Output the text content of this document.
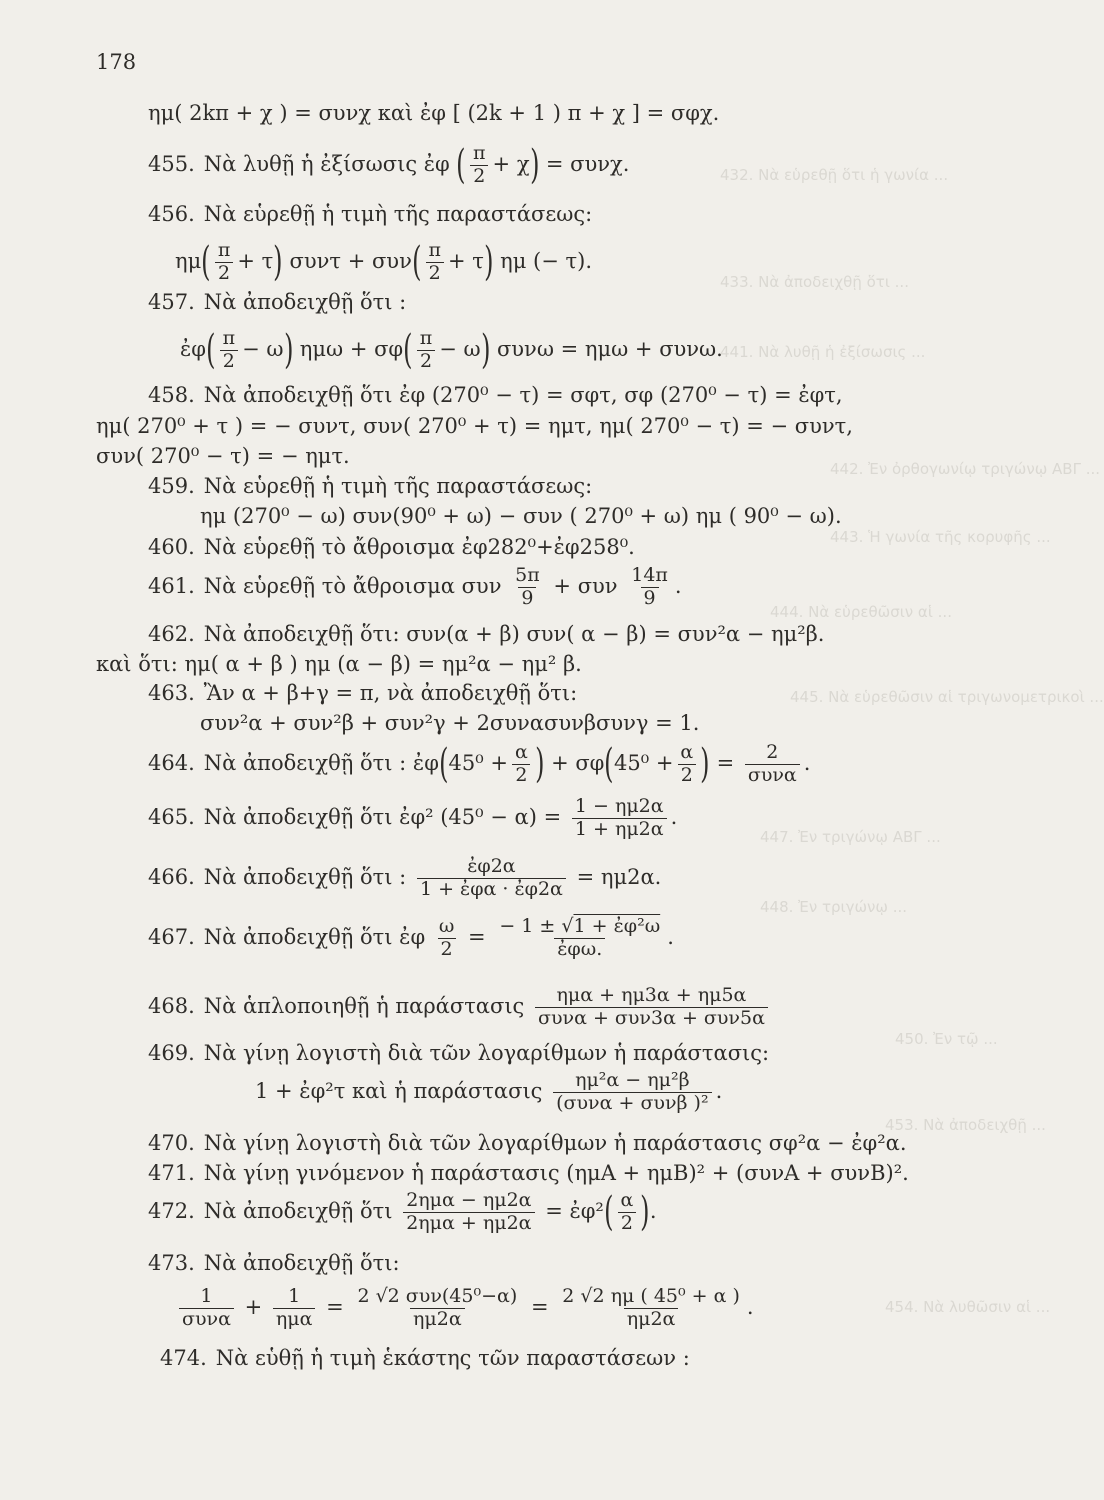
432. Νὰ εὑρεθῇ ὅτι ἡ γωνία ...
433. Νὰ ἀποδειχθῇ ὅτι ...
441. Νὰ λυθῇ ἡ ἐξίσωσις ...
442. Ἐν ὀρθογωνίῳ τριγώνῳ ΑΒΓ ...
443. Ἡ γωνία τῆς κορυφῆς ...
444. Νὰ εὑρεθῶσιν αἱ ...
445. Νὰ εὑρεθῶσιν αἱ τριγωνομετρικοὶ ...
447. Ἐν τριγώνῳ ΑΒΓ ...
448. Ἐν τριγώνῳ ...
450. Ἐν τῷ ...
453. Νὰ ἀποδειχθῇ ...
454. Νὰ λυθῶσιν αἱ ...
178
ημ( 2kπ + χ ) = συνχ καὶ ἐφ [ (2k + 1 ) π + χ ] = σφχ.
455. Νὰ λυθῇ ἡ ἐξίσωσις ἐφ ( $\frac{\pi}{2} + \chi) = \sigma\upsilon\nu\chi$.
456. Νὰ εὑρεθῇ ἡ τιμὴ τῆς παραστάσεως:
$\eta\mu( \frac{\pi}{2} + \tau)$ $\sigma\upsilon\nu\tau + \sigma\upsilon\nu( \frac{\pi}{2} + \tau)$ ημ (− τ).
457. Νὰ ἀποδειχθῇ ὅτι :
ἐφ( $\frac{\pi}{2} - \omega$) $\eta\mu\omega + \sigma\varphi( \frac{\pi}{2} - \omega)$ συνω = ημω + συνω.
458. Νὰ ἀποδειχθῇ ὅτι ἐφ (270⁰ − τ) = σφτ, σφ (270⁰ − τ) = ἐφτ,
ημ( 270⁰ + τ ) = − συντ, συν( 270⁰ + τ) = ημτ, ημ( 270⁰ − τ) = − συντ,
συν( 270⁰ − τ) = − ημτ.
459. Νὰ εὑρεθῇ ἡ τιμὴ τῆς παραστάσεως:
ημ (270⁰ − ω) συν(90⁰ + ω) − συν ( 270⁰ + ω) ημ ( 90⁰ − ω).
460. Νὰ εὑρεθῇ τὸ ἄθροισμα ἐφ282⁰+ἐφ258⁰.
461. Νὰ εὑρεθῇ τὸ ἄθροισμα συν $\frac{5\pi}{9} + \sigma\upsilon\nu \frac{14\pi}{9}$ .
462. Νὰ ἀποδειχθῇ ὅτι: συν(α + β) συν( α − β) = συν²α − ημ²β.
καὶ ὅτι: ημ( α + β ) ημ (α − β) = ημ²α − ημ² β.
463. Ἂν α + β+γ = π, νὰ ἀποδειχθῇ ὅτι:
συν²α + συν²β + συν²γ + 2συνασυνβσυνγ = 1.
464. Νὰ ἀποδειχθῇ ὅτι : ἐφ(45⁰ + $\frac{\alpha}{2}$ ) + $\sigma\varphi(45^0 + \frac{\alpha}{2}$ ) = $\frac{2}{\text{συνα}}$ .
465. Νὰ ἀποδειχθῇ ὅτι ἐφ² $(45^0 - \alpha) = \frac{1 - \eta\mu 2\alpha}{1 + \eta\mu 2\alpha}$ .
466. Νὰ ἀποδειχθῇ ὅτι : $\frac{\text{ἐφ2α}}{\text{1 + ἐφα · ἐφ2α}} = \eta\mu 2\alpha$.
467. Νὰ ἀποδειχθῇ ὅτι ἐφ $\frac{\omega}{2} = \frac{\text{− 1 ± √1 + ἐφ²ω}}{\text{ἐφω.}}$ .
468. Νὰ ἁπλοποιηθῇ ἡ παράστασις $\frac{\text{ημα + ημ3α + ημ5α}}{\text{συνα + συν3α + συν5α}}$
469. Νὰ γίνῃ λογιστὴ διὰ τῶν λογαρίθμων ἡ παράστασις:
1 + ἐφ²τ καὶ ἡ παράστασις $\frac{\text{ημ²α − ημ²β}}{\text{(συνα + συνβ )²}}$ .
470. Νὰ γίνῃ λογιστὴ διὰ τῶν λογαρίθμων ἡ παράστασις σφ²α − ἐφ²α.
471. Νὰ γίνῃ γινόμενον ἡ παράστασις (ημΑ + ημΒ)² + (συνΑ + συνΒ)².
472. Νὰ ἀποδειχθῇ ὅτι $\frac{\text{2ημα − ημ2α}}{\text{2ημα + ημ2α}}$ = ἐφ²( $\frac{\alpha}{2}$ ).
473. Νὰ ἀποδειχθῇ ὅτι:
$\frac{1}{\text{συνα}} + \frac{1}{\text{ημα}} = \frac{\text{2 √2 συν(45⁰−α)}}{\eta\mu 2\alpha} = \frac{\text{2 √2 ημ ( 45⁰ + α )}}{\eta\mu 2\alpha}$ .
474. Νὰ εὑθῇ ἡ τιμὴ ἑκάστης τῶν παραστάσεων :
